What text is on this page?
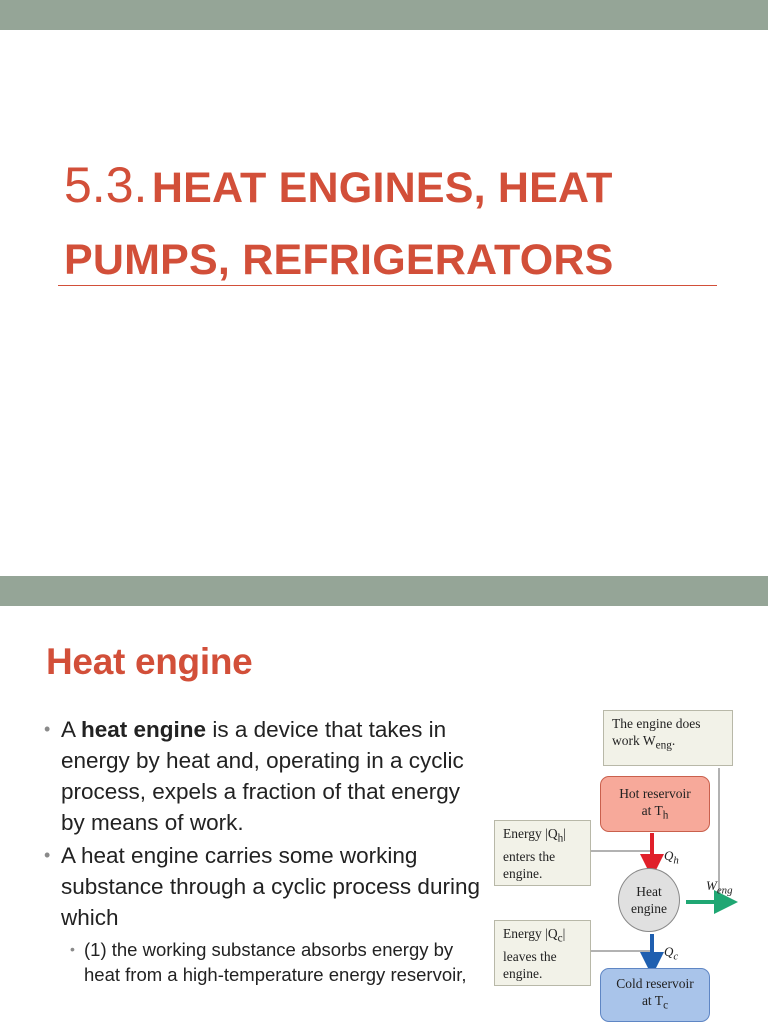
5.3. HEAT ENGINES, HEAT PUMPS, REFRIGERATORS
Heat engine
• A heat engine is a device that takes in energy by heat and, operating in a cyclic process, expels a fraction of that energy by means of work.
• A heat engine carries some working substance through a cyclic process during which
• (1) the working substance absorbs energy by heat from a high-temperature energy reservoir,
The engine does work $W_{eng}$.
Hot reservoir
at $T_h$
Energy $|Q_h|$ enters the engine.
$Q_h$
Heat
engine
$W_{eng}$
Energy $|Q_c|$ leaves the engine.
$Q_c$
Cold reservoir
at $T_c$
